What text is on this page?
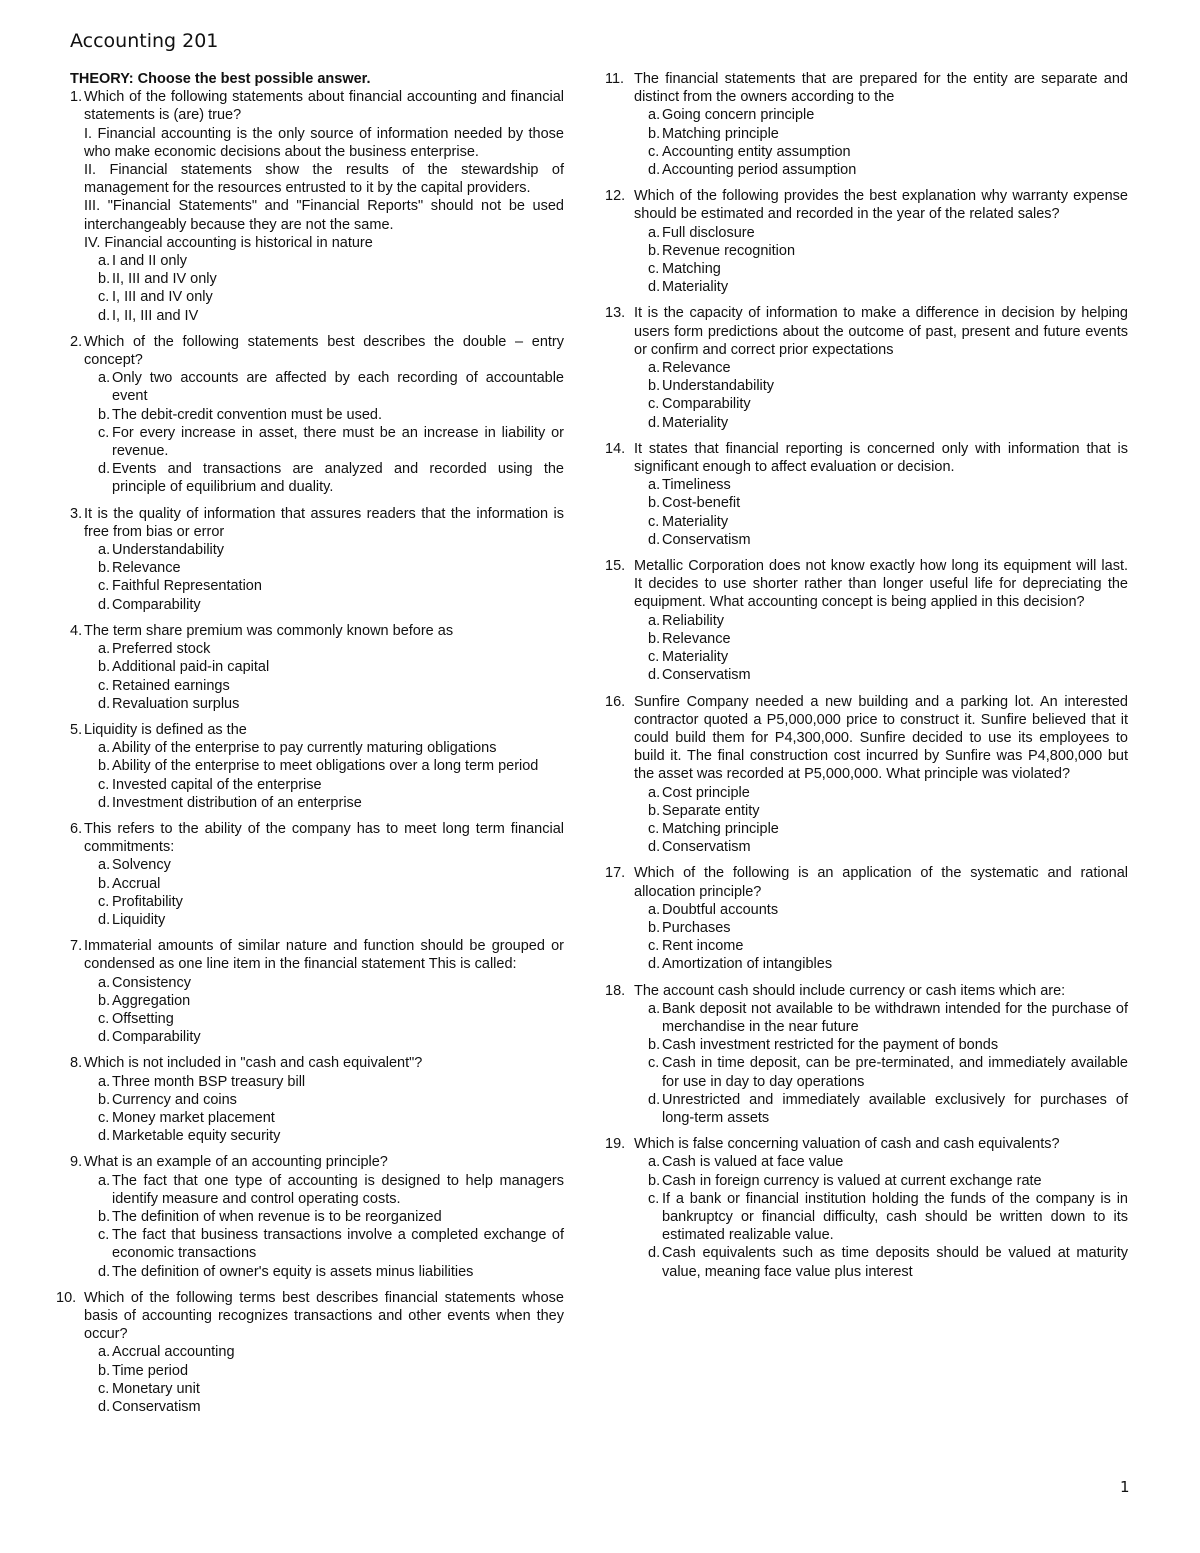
Accounting 201

THEORY: Choose the best possible answer.

1. Which of the following statements about financial accounting and financial statements is (are) true?

I. Financial accounting is the only source of information needed by those who make economic decisions about the business enterprise.

II. Financial statements show the results of the stewardship of management for the resources entrusted to it by the capital providers.

III. "Financial Statements" and "Financial Reports" should not be used interchangeably because they are not the same.

IV. Financial accounting is historical in nature

a. I and II only
b. II, III and IV only
c. I, III and IV only
d. I, II, III and IV
2. Which of the following statements best describes the double – entry concept?

a. Only two accounts are affected by each recording of accountable event
b. The debit-credit convention must be used.
c. For every increase in asset, there must be an increase in liability or revenue.
d. Events and transactions are analyzed and recorded using the principle of equilibrium and duality.
3. It is the quality of information that assures readers that the information is free from bias or error

a. Understandability
b. Relevance
c. Faithful Representation
d. Comparability
4. The term share premium was commonly known before as

a. Preferred stock
b. Additional paid-in capital
c. Retained earnings
d. Revaluation surplus
5. Liquidity is defined as the

a. Ability of the enterprise to pay currently maturing obligations
b. Ability of the enterprise to meet obligations over a long term period
c. Invested capital of the enterprise
d. Investment distribution of an enterprise
6. This refers to the ability of the company has to meet long term financial commitments:

a. Solvency
b. Accrual
c. Profitability
d. Liquidity
7. Immaterial amounts of similar nature and function should be grouped or condensed as one line item in the financial statement This is called:

a. Consistency
b. Aggregation
c. Offsetting
d. Comparability
8. Which is not included in "cash and cash equivalent"?

a. Three month BSP treasury bill
b. Currency and coins
c. Money market placement
d. Marketable equity security
9. What is an example of an accounting principle?

a. The fact that one type of accounting is designed to help managers identify measure and control operating costs.
b. The definition of when revenue is to be reorganized
c. The fact that business transactions involve a completed exchange of economic transactions
d. The definition of owner's equity is assets minus liabilities
10. Which of the following terms best describes financial statements whose basis of accounting recognizes transactions and other events when they occur?

a. Accrual accounting
b. Time period
c. Monetary unit
d. Conservatism
11. The financial statements that are prepared for the entity are separate and distinct from the owners according to the

a. Going concern principle
b. Matching principle
c. Accounting entity assumption
d. Accounting period assumption
12. Which of the following provides the best explanation why warranty expense should be estimated and recorded in the year of the related sales?

a. Full disclosure
b. Revenue recognition
c. Matching
d. Materiality
13. It is the capacity of information to make a difference in decision by helping users form predictions about the outcome of past, present and future events or confirm and correct prior expectations

a. Relevance
b. Understandability
c. Comparability
d. Materiality
14. It states that financial reporting is concerned only with information that is significant enough to affect evaluation or decision.

a. Timeliness
b. Cost-benefit
c. Materiality
d. Conservatism
15. Metallic Corporation does not know exactly how long its equipment will last. It decides to use shorter rather than longer useful life for depreciating the equipment. What accounting concept is being applied in this decision?

a. Reliability
b. Relevance
c. Materiality
d. Conservatism
16. Sunfire Company needed a new building and a parking lot. An interested contractor quoted a P5,000,000 price to construct it. Sunfire believed that it could build them for P4,300,000. Sunfire decided to use its employees to build it. The final construction cost incurred by Sunfire was P4,800,000 but the asset was recorded at P5,000,000. What principle was violated?

a. Cost principle
b. Separate entity
c. Matching principle
d. Conservatism
17. Which of the following is an application of the systematic and rational allocation principle?

a. Doubtful accounts
b. Purchases
c. Rent income
d. Amortization of intangibles
18. The account cash should include currency or cash items which are:

a. Bank deposit not available to be withdrawn intended for the purchase of merchandise in the near future
b. Cash investment restricted for the payment of bonds
c. Cash in time deposit, can be pre-terminated, and immediately available for use in day to day operations
d. Unrestricted and immediately available exclusively for purchases of long-term assets
19. Which is false concerning valuation of cash and cash equivalents?

a. Cash is valued at face value
b. Cash in foreign currency is valued at current exchange rate
c. If a bank or financial institution holding the funds of the company is in bankruptcy or financial difficulty, cash should be written down to its estimated realizable value.
d. Cash equivalents such as time deposits should be valued at maturity value, meaning face value plus interest
1
